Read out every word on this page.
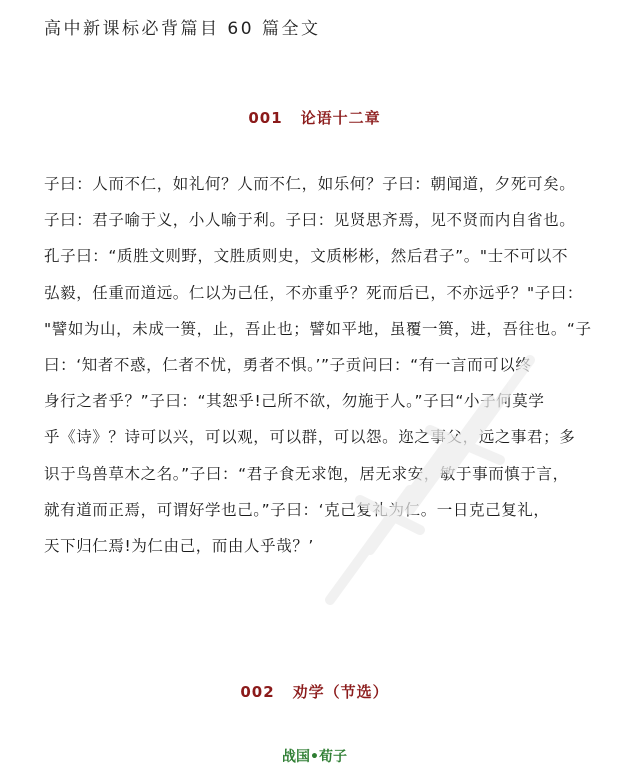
高中新课标必背篇目 60 篇全文
001 论语十二章
子曰：人而不仁，如礼何？人而不仁，如乐何？子曰：朝闻道，夕死可矣。
子曰：君子喻于义，小人喻于利。子曰：见贤思齐焉，见不贤而内自省也。
孔子曰：“质胜文则野，文胜质则史，文质彬彬，然后君子”。"士不可以不
弘毅，任重而道远。仁以为己任，不亦重乎？死而后已，不亦远乎？"子曰：
"譬如为山，未成一篑，止，吾止也；譬如平地，虽覆一篑，进，吾往也。“子
曰：‘知者不惑，仁者不忧，勇者不惧。’”子贡问曰：“有一言而可以终
身行之者乎？”子曰：“其恕乎!己所不欲，勿施于人。”子曰“小子何莫学
乎《诗》？诗可以兴，可以观，可以群，可以怨。迩之事父，远之事君；多
识于鸟兽草木之名。”子曰：“君子食无求饱，居无求安，敏于事而慎于言，
就有道而正焉，可谓好学也己。”子曰：‘克己复礼为仁。一日克己复礼，
天下归仁焉!为仁由己，而由人乎哉？’
002 劝学（节选）
战国•荀子
